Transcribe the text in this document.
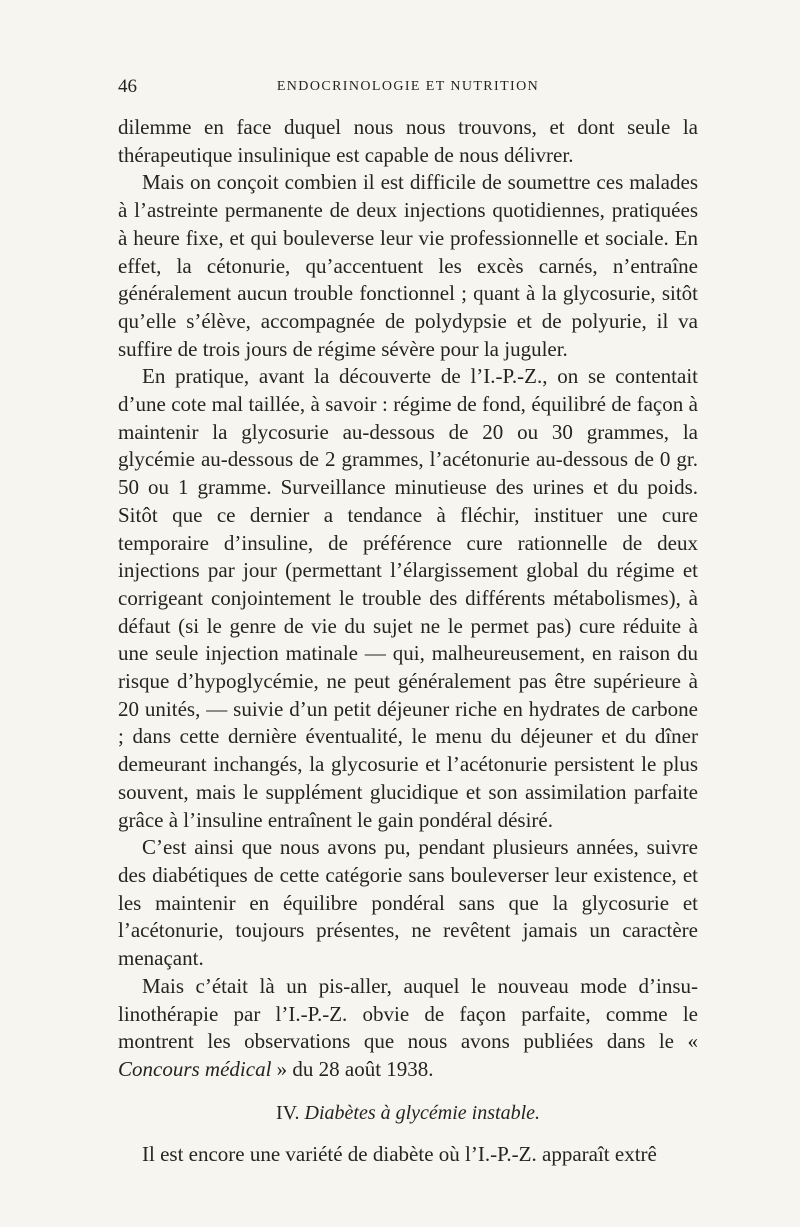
46	ENDOCRINOLOGIE ET NUTRITION

dilemme en face duquel nous nous trouvons, et dont seule la thérapeutique insulinique est capable de nous délivrer.

Mais on conçoit combien il est difficile de soumettre ces malades à l’astreinte permanente de deux injections quotidiennes, pratiquées à heure fixe, et qui bouleverse leur vie professionnelle et sociale. En effet, la cétonurie, qu’accentuent les excès carnés, n’entraîne généralement aucun trouble fonctionnel ; quant à la glycosurie, sitôt qu’elle s’élève, accompagnée de polydypsie et de polyurie, il va suffire de trois jours de régime sévère pour la juguler.

En pratique, avant la découverte de l’I.-P.-Z., on se contentait d’une cote mal taillée, à savoir : régime de fond, équilibré de façon à maintenir la glycosurie au-dessous de 20 ou 30 grammes, la glycémie au-dessous de 2 grammes, l’acétonurie au-dessous de 0 gr. 50 ou 1 gramme. Surveillance minutieuse des urines et du poids. Sitôt que ce dernier a tendance à fléchir, instituer une cure temporaire d’insuline, de préférence cure rationnelle de deux injections par jour (permettant l’élargissement global du régime et corrigeant conjointement le trouble des différents métabolismes), à défaut (si le genre de vie du sujet ne le permet pas) cure réduite à une seule injection matinale — qui, malheureusement, en raison du risque d’hypoglycémie, ne peut généralement pas être supérieure à 20 unités, — suivie d’un petit déjeuner riche en hydrates de carbone ; dans cette dernière éventualité, le menu du déjeuner et du dîner demeurant inchangés, la glycosurie et l’acétonurie persistent le plus souvent, mais le supplément glucidique et son assimilation parfaite grâce à l’insuline entraînent le gain pondéral désiré.

C’est ainsi que nous avons pu, pendant plusieurs années, suivre des diabétiques de cette catégorie sans bouleverser leur existence, et les maintenir en équilibre pondéral sans que la glycosurie et l’acétonurie, toujours présentes, ne revêtent jamais un caractère menaçant.

Mais c’était là un pis-aller, auquel le nouveau mode d’insulinothérapie par l’I.-P.-Z. obvie de façon parfaite, comme le montrent les observations que nous avons publiées dans le « Concours médical » du 28 août 1938.

IV. Diabètes à glycémie instable.

Il est encore une variété de diabète où l’I.-P.-Z. apparaît extrê
